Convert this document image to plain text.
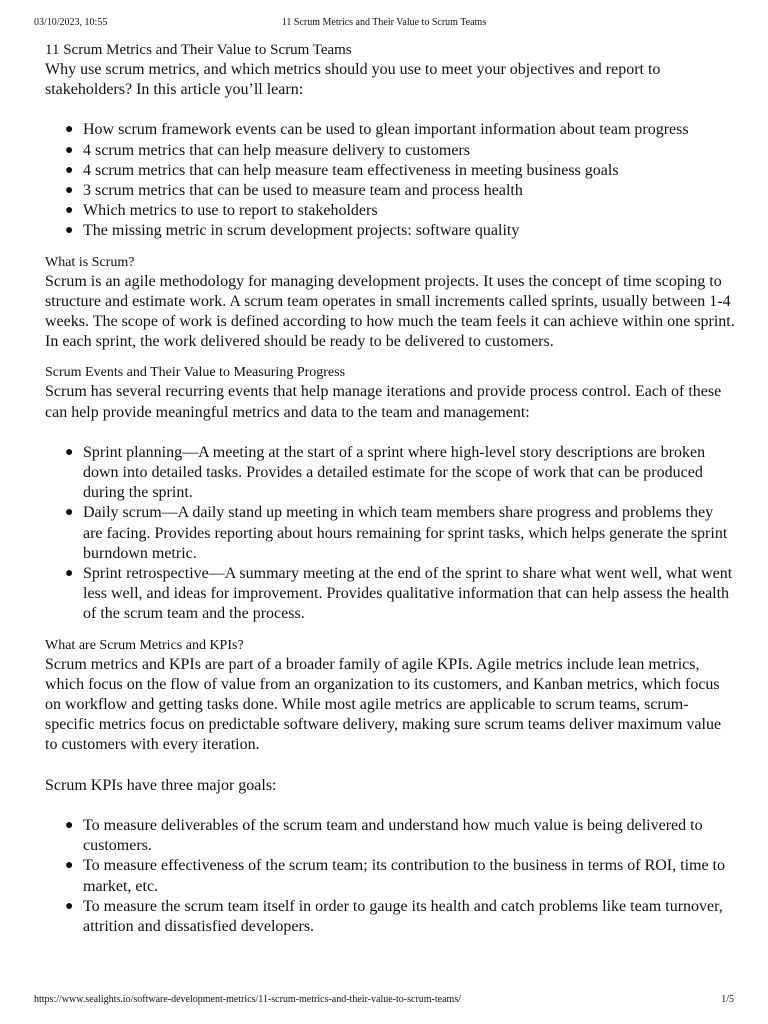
03/10/2023, 10:55	11 Scrum Metrics and Their Value to Scrum Teams
11 Scrum Metrics and Their Value to Scrum Teams

Why use scrum metrics, and which metrics should you use to meet your objectives and report to stakeholders? In this article you’ll learn:

● How scrum framework events can be used to glean important information about team progress
● 4 scrum metrics that can help measure delivery to customers
● 4 scrum metrics that can help measure team effectiveness in meeting business goals
● 3 scrum metrics that can be used to measure team and process health
● Which metrics to use to report to stakeholders
● The missing metric in scrum development projects: software quality
What is Scrum?

Scrum is an agile methodology for managing development projects. It uses the concept of time scoping to structure and estimate work. A scrum team operates in small increments called sprints, usually between 1-4 weeks. The scope of work is defined according to how much the team feels it can achieve within one sprint. In each sprint, the work delivered should be ready to be delivered to customers.

Scrum Events and Their Value to Measuring Progress

Scrum has several recurring events that help manage iterations and provide process control. Each of these can help provide meaningful metrics and data to the team and management:

● Sprint planning—A meeting at the start of a sprint where high-level story descriptions are broken down into detailed tasks. Provides a detailed estimate for the scope of work that can be produced during the sprint.
● Daily scrum—A daily stand up meeting in which team members share progress and problems they are facing. Provides reporting about hours remaining for sprint tasks, which helps generate the sprint burndown metric.
● Sprint retrospective—A summary meeting at the end of the sprint to share what went well, what went less well, and ideas for improvement. Provides qualitative information that can help assess the health of the scrum team and the process.
What are Scrum Metrics and KPIs?

Scrum metrics and KPIs are part of a broader family of agile KPIs. Agile metrics include lean metrics, which focus on the flow of value from an organization to its customers, and Kanban metrics, which focus on workflow and getting tasks done. While most agile metrics are applicable to scrum teams, scrum-specific metrics focus on predictable software delivery, making sure scrum teams deliver maximum value to customers with every iteration.

Scrum KPIs have three major goals:

● To measure deliverables of the scrum team and understand how much value is being delivered to customers.
● To measure effectiveness of the scrum team; its contribution to the business in terms of ROI, time to market, etc.
● To measure the scrum team itself in order to gauge its health and catch problems like team turnover, attrition and dissatisfied developers.
https://www.sealights.io/software-development-metrics/11-scrum-metrics-and-their-value-to-scrum-teams/	1/5
